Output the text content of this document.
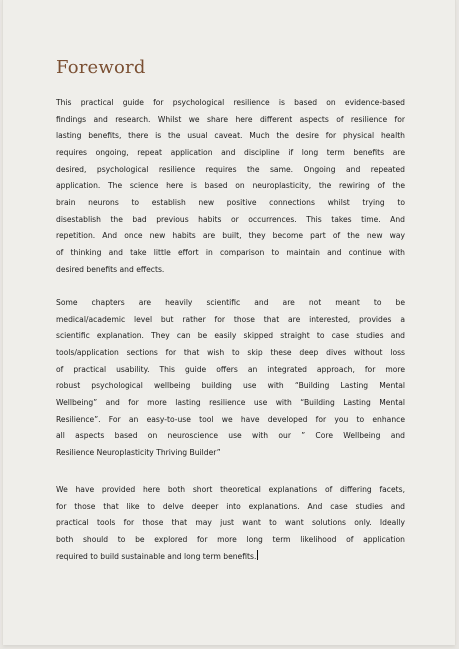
Foreword

This practical guide for psychological resilience is based on evidence-based
findings and research. Whilst we share here different aspects of resilience for
lasting benefits, there is the usual caveat. Much the desire for physical health
requires ongoing, repeat application and discipline if long term benefits are
desired, psychological resilience requires the same. Ongoing and repeated
application. The science here is based on neuroplasticity, the rewiring of the
brain neurons to establish new positive connections whilst trying to
disestablish the bad previous habits or occurrences. This takes time. And
repetition. And once new habits are built, they become part of the new way
of thinking and take little effort in comparison to maintain and continue with
desired benefits and effects.

Some chapters are heavily scientific and are not meant to be
medical/academic level but rather for those that are interested, provides a
scientific explanation. They can be easily skipped straight to case studies and
tools/application sections for that wish to skip these deep dives without loss
of practical usability. This guide offers an integrated approach, for more
robust psychological wellbeing building use with “Building Lasting Mental
Wellbeing” and for more lasting resilience use with “Building Lasting Mental
Resilience”. For an easy-to-use tool we have developed for you to enhance
all aspects based on neuroscience use with our ” Core Wellbeing and
Resilience Neuroplasticity Thriving Builder”

We have provided here both short theoretical explanations of differing facets,
for those that like to delve deeper into explanations. And case studies and
practical tools for those that may just want to want solutions only. Ideally
both should to be explored for more long term likelihood of application
required to build sustainable and long term benefits.
